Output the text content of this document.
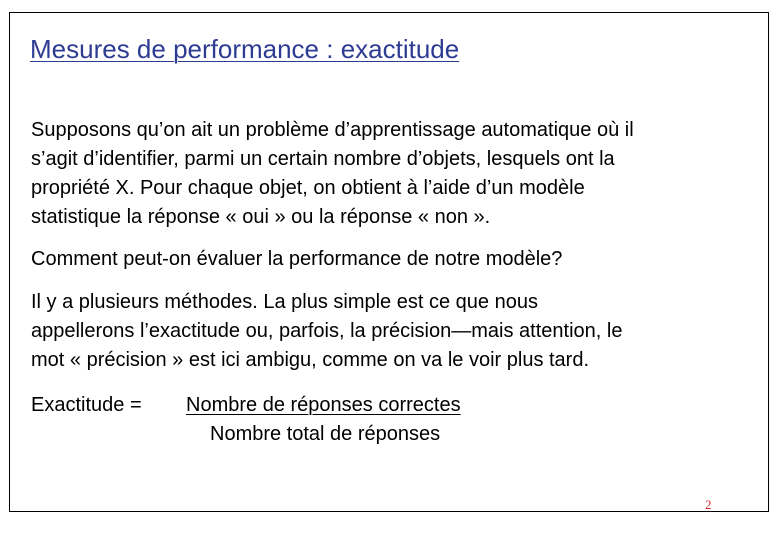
Mesures de performance : exactitude

Supposons qu’on ait un problème d’apprentissage automatique où il
s’agit d’identifier, parmi un certain nombre d’objets, lesquels ont la
propriété X. Pour chaque objet, on obtient à l’aide d’un modèle
statistique la réponse « oui » ou la réponse « non ».

Comment peut-on évaluer la performance de notre modèle?

Il y a plusieurs méthodes. La plus simple est ce que nous
appellerons l’exactitude ou, parfois, la précision—mais attention, le
mot « précision » est ici ambigu, comme on va le voir plus tard.

Exactitude = Nombre de réponses correctes
Nombre total de réponses
2
